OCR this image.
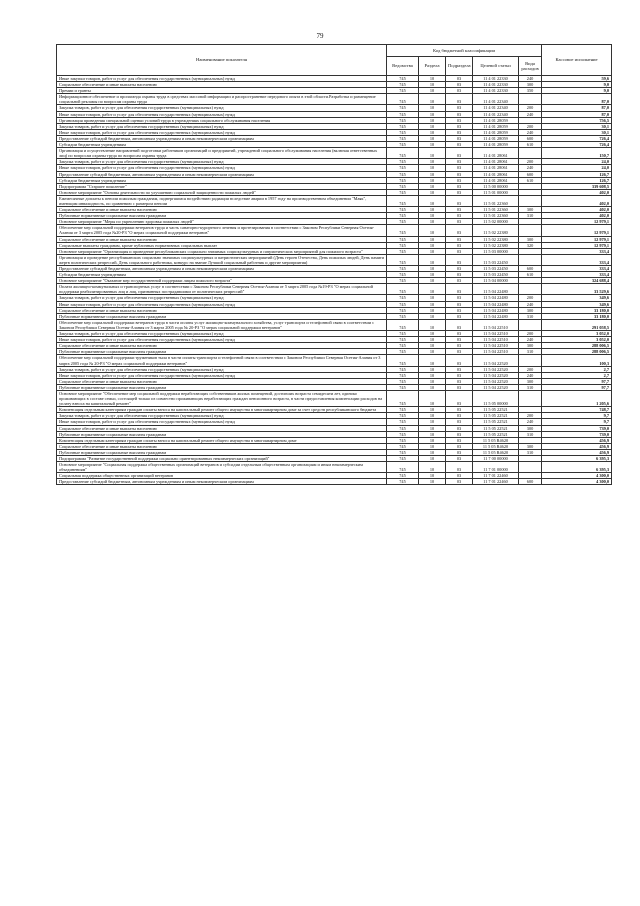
79
Наименование показателя	Код бюджетной классификации					Кассовое исполнение
	Ведомства	Раздела	Подраздела	Целевой статьи	Вида расходов	
Иные закупки товаров, работ и услуг для обеспечения государственных (муниципальных) нужд	745	10	03	11 4 01 22330	240	59,6
Социальное обеспечение и иные выплаты населению	745	10	03	11 4 01 22330	300	9,0
Премии и гранты	745	10	03	11 4 01 22330	350	9,0
Информационное обеспечение и пропаганда охраны труда в средствах массовой информации и распространение передового опыта в этой области.Разработка и размещение социальной рекламы по вопросам охраны труда	745	10	03	11 4 01 22340		87,0
Закупка товаров, работ и услуг для обеспечения государственных (муниципальных) нужд	745	10	03	11 4 01 22340	200	87,0
Иные закупки товаров, работ и услуг для обеспечения государственных (муниципальных) нужд	745	10	03	11 4 01 22340	240	87,0
Организация проведения специальной оценки условий труда в учреждениях социального обслуживания населения	745	10	03	11 4 01 28059		756,5
Закупка товаров, работ и услуг для обеспечения государственных (муниципальных) нужд	745	10	03	11 4 01 28059	200	30,1
Иные закупки товаров, работ и услуг для обеспечения государственных (муниципальных) нужд	745	10	03	11 4 01 28059	240	30,1
Предоставление субсидий бюджетным, автономным учреждениям и иным некоммерческим организациям	745	10	03	11 4 01 28059	600	726,4
Субсидии бюджетным учреждениям	745	10	03	11 4 01 28059	610	726,4
Организация и осуществление направлений подготовки работников организаций и предприятий, учреждений социального обслуживания населения (включая ответственных лиц) по вопросам охраны труда по вопросам охраны труда	745	10	03	11 4 01 28061		150,7
Закупка товаров, работ и услуг для обеспечения государственных (муниципальных) нужд	745	10	03	11 4 01 28061	200	24,0
Иные закупки товаров, работ и услуг для обеспечения государственных (муниципальных) нужд	745	10	03	11 4 01 28061	240	24,0
Предоставление субсидий бюджетным, автономным учреждениям и иным некоммерческим организациям	745	10	03	11 4 01 28061	600	126,7
Субсидии бюджетным учреждениям	745	10	03	11 4 01 28061	610	126,7
Подпрограмма "Старшее поколение"	745	10	03	11 5 00 00000		339 608,5
Основное мероприятие "Основы деятельности по улучшению социальной защищенности пожилых людей"	745	10	03	11 5 01 00000		402,0
Ежемесячные доплаты к пенсии пожилым гражданам, подвергшимся воздействию радиации вследствие аварии в 1957 году на производственном объединении "Маяк", имеющим инвалидность, по сравнению с размером пенсии	745	10	03	11 5 01 22360		402,0
Социальное обеспечение и иные выплаты населению	745	10	03	11 5 01 22360	300	402,0
Публичные нормативные социальные выплаты гражданам	745	10	03	11 5 01 22360	310	402,0
Основное мероприятие "Меры по укреплению здоровья пожилых людей"	745	10	03	11 5 02 00000		12 979,1
Обеспечение мер социальной поддержки ветеранов труда и часть санаторно-курортного лечения и протезирования в соответствии с Законом Республики Северная Осетия-Алания от 3 марта 2005 года №20-РЗ "О мерах социальной поддержки ветеранов"	745	10	03	11 5 02 22380		12 979,1
Социальное обеспечение и иные выплаты населению	745	10	03	11 5 02 22380	300	12 979,1
Социальные выплаты гражданам, кроме публичных нормативных социальных выплат	745	10	03	11 5 02 22380	320	12 979,1
Основное мероприятие "Организация и проведение республиканских социально значимых социокультурных и патриотических мероприятий для пожилого возраста"	745	10	03	11 5 03 00000		333,4
Организация и проведение республиканских социально значимых социокультурных и патриотических мероприятий (День героев Отечества, День пожилых людей, День памяти жертв политических репрессий, День социального работника, конкурс на звание Лучший социальный работник и другие мероприятия)	745	10	03	11 5 03 22450		333,4
Предоставление субсидий бюджетным, автономным учреждениям и иным некоммерческим организациям	745	10	03	11 5 03 22450	600	333,4
Субсидии бюджетным учреждениям	745	10	03	11 5 03 22450	610	333,4
Основное мероприятие "Оказание мер государственной поддержки лицам пожилого возраста"	745	10	03	11 5 04 00000		324 688,4
Оплата жилищно-коммунальных и транспортных услуг в соответствии с Законом Республики Северная Осетия-Алания от 5 марта 2005 года №19-РЗ "О мерах социальной поддержки реабилитированных лиц и лиц, признанных пострадавшими от политических репрессий"	745	10	03	11 5 04 22480		33 529,6
Закупка товаров, работ и услуг для обеспечения государственных (муниципальных) нужд	745	10	03	11 5 04 22480	200	349,6
Иные закупки товаров, работ и услуг для обеспечения государственных (муниципальных) нужд	745	10	03	11 5 04 22480	240	349,6
Социальное обеспечение и иные выплаты населению	745	10	03	11 5 04 22480	300	33 180,0
Публичные нормативные социальные выплаты гражданам	745	10	03	11 5 04 22480	310	33 180,0
Обеспечение мер социальной поддержки ветеранов труда в части оплаты услуг жилищно-коммунального хозяйства, услуг транспорта и телефонной связи в соответствии с Законом Республики Северная Осетия-Алания от 3 марта 2005 года № 20-РЗ "О мерах социальной поддержки ветеранов"	745	10	03	11 5 04 22510		291 058,5
Закупка товаров, работ и услуг для обеспечения государственных (муниципальных) нужд	745	10	03	11 5 04 22510	200	3 052,0
Иные закупки товаров, работ и услуг для обеспечения государственных (муниципальных) нужд	745	10	03	11 5 04 22510	240	3 052,0
Социальное обеспечение и иные выплаты населению	745	10	03	11 5 04 22510	300	288 006,5
Публичные нормативные социальные выплаты гражданам	745	10	03	11 5 04 22510	310	288 006,5
Обеспечение мер социальной поддержки тружеников тыла в части оплаты транспорта и телефонной связи в соответствии с Законом Республики Северная Осетия-Алания от 3 марта 2005 года № 20-РЗ "О мерах социальной поддержки ветеранов"	745	10	03	11 5 04 22520		100,3
Закупка товаров, работ и услуг для обеспечения государственных (муниципальных) нужд	745	10	03	11 5 04 22520	200	2,7
Иные закупки товаров, работ и услуг для обеспечения государственных (муниципальных) нужд	745	10	03	11 5 04 22520	240	2,7
Социальное обеспечение и иные выплаты населению	745	10	03	11 5 04 22520	300	97,7
Публичные нормативные социальные выплаты гражданам	745	10	03	11 5 04 22520	310	97,7
Основное мероприятие "Обеспечение мер социальной поддержки неработающих собственников жилых помещений, достигших возраста семидесяти лет, одиноко проживающих в составе семьи, состоящей только из совместно проживающих неработающих граждан пенсионного возраста, в части предоставления компенсации расходов на уплату взноса на капитальный ремонт"	745	10	03	11 5 05 00000		1 205,6
Компенсация отдельным категориям граждан оплаты взноса на капитальный ремонт общего имущества в многоквартирном доме за счет средств республиканского бюджета	745	10	03	11 5 05 22521		748,7
Закупка товаров, работ и услуг для обеспечения государственных (муниципальных) нужд	745	10	03	11 5 05 22521	200	9,7
Иные закупки товаров, работ и услуг для обеспечения государственных (муниципальных) нужд	745	10	03	11 5 05 22521	240	9,7
Социальное обеспечение и иные выплаты населению	745	10	03	11 5 05 22521	300	739,0
Публичные нормативные социальные выплаты гражданам	745	10	03	11 5 05 22521	310	739,0
Компенсация отдельным категориям граждан оплаты взноса на капитальный ремонт общего имущества в многоквартирном доме	745	10	03	11 5 05 R4620		456,9
Социальное обеспечение и иные выплаты населению	745	10	03	11 5 05 R4620	300	456,9
Публичные нормативные социальные выплаты гражданам	745	10	03	11 5 05 R4620	310	456,9
Подпрограмма "Развитие государственной поддержки социально ориентированных некоммерческих организаций"	745	10	03	11 7 00 00000		6 395,3
Основное мероприятие "Социальная поддержка общественных организаций ветеранов и субсидии отдельным общественным организациям и иным некоммерческим объединениям"	745	10	03	11 7 01 00000		6 395,3
Социальная поддержка общественных организаций ветеранов	745	10	03	11 7 01 22460		4 300,0
Предоставление субсидий бюджетным, автономным учреждениям и иным некоммерческим организациям	745	10	03	11 7 01 22460	600	4 300,0
